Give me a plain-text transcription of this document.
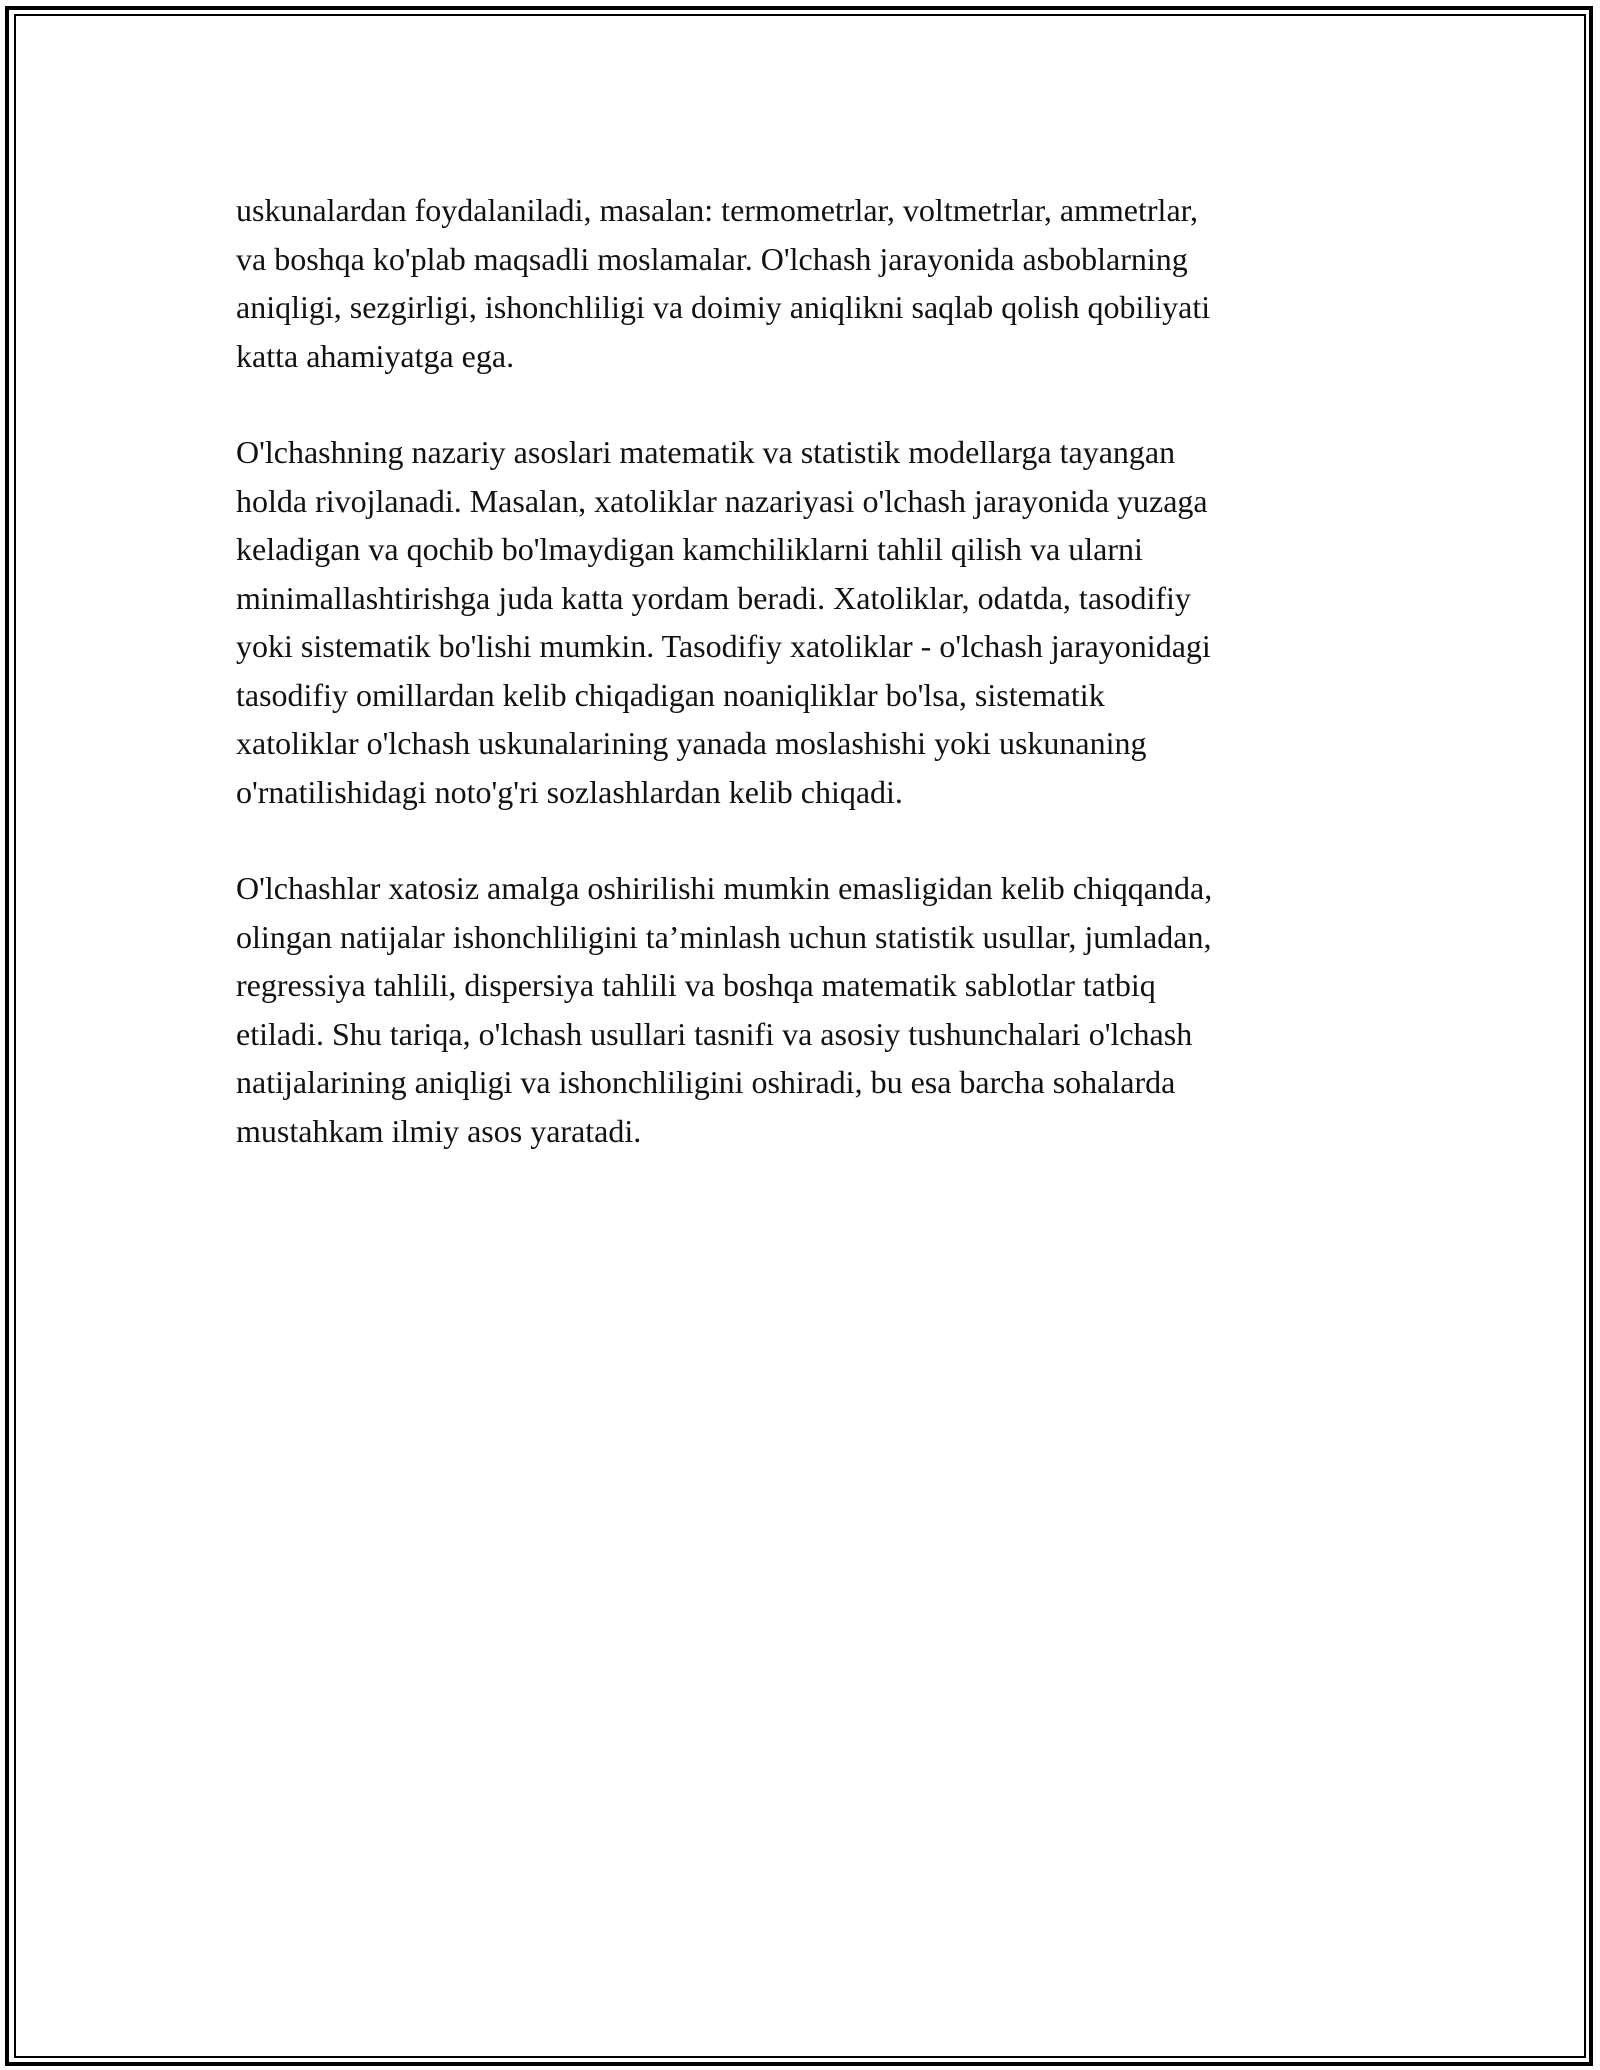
uskunalardan foydalaniladi, masalan: termometrlar, voltmetrlar, ammetrlar,
va boshqa ko'plab maqsadli moslamalar. O'lchash jarayonida asboblarning
aniqligi, sezgirligi, ishonchliligi va doimiy aniqlikni saqlab qolish qobiliyati
katta ahamiyatga ega.

O'lchashning nazariy asoslari matematik va statistik modellarga tayangan
holda rivojlanadi. Masalan, xatoliklar nazariyasi o'lchash jarayonida yuzaga
keladigan va qochib bo'lmaydigan kamchiliklarni tahlil qilish va ularni
minimallashtirishga juda katta yordam beradi. Xatoliklar, odatda, tasodifiy
yoki sistematik bo'lishi mumkin. Tasodifiy xatoliklar - o'lchash jarayonidagi
tasodifiy omillardan kelib chiqadigan noaniqliklar bo'lsa, sistematik
xatoliklar o'lchash uskunalarining yanada moslashishi yoki uskunaning
o'rnatilishidagi noto'g'ri sozlashlardan kelib chiqadi.

O'lchashlar xatosiz amalga oshirilishi mumkin emasligidan kelib chiqqanda,
olingan natijalar ishonchliligini ta’minlash uchun statistik usullar, jumladan,
regressiya tahlili, dispersiya tahlili va boshqa matematik sablotlar tatbiq
etiladi. Shu tariqa, o'lchash usullari tasnifi va asosiy tushunchalari o'lchash
natijalarining aniqligi va ishonchliligini oshiradi, bu esa barcha sohalarda
mustahkam ilmiy asos yaratadi.
